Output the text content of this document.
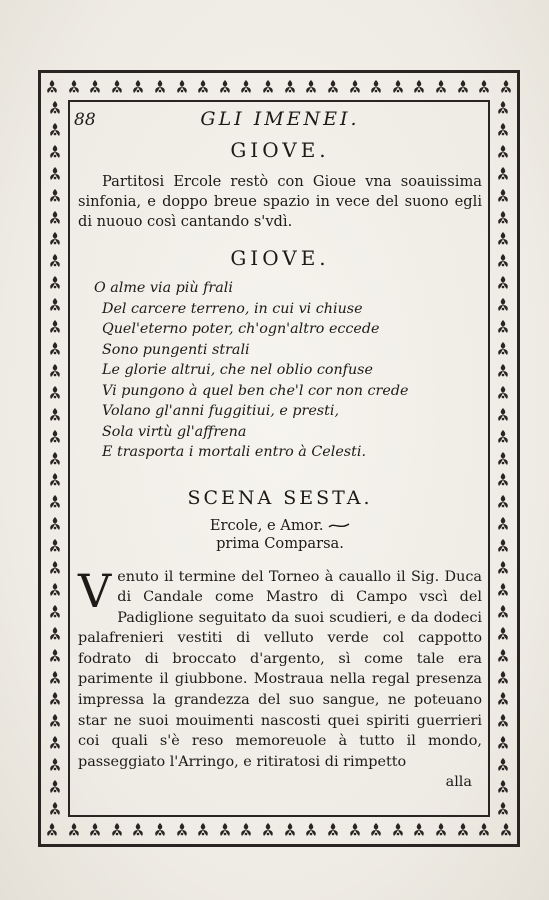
88	GLI IMENEI.
GIOVE.

Partitosi Ercole restò con Gioue vna soauissima sinfonia, e doppo breue spazio in vece del suono egli di nuouo così cantando s'vdì.

GIOVE.
O alme via più frali
Del carcere terreno, in cui vi chiuse
Quel'eterno poter, ch'ogn'altro eccede
Sono pungenti strali
Le glorie altrui, che nel oblio confuse
Vi pungono à quel ben che'l cor non crede
Volano gl'anni fuggitiui, e presti,
Sola virtù gl'affrena
E trasporta i mortali entro à Celesti.
SCENA SESTA.
Ercole, e Amor.
prima Comparsa.

Venuto il termine del Torneo à cauallo il Sig. Duca di Candale come Mastro di Campo vscì del Padiglione seguitato da suoi scudieri, e da dodeci palafrenieri vestiti di velluto verde col cappotto fodrato di broccato d'argento, sì come tale era parimente il giubbone. Mostraua nella regal presenza impressa la grandezza del suo sangue, ne poteuano star ne suoi mouimenti nascosti quei spiriti guerrieri coi quali s'è reso memoreuole à tutto il mondo, passeggiato l'Arringo, e ritiratosi di rimpetto

alla
